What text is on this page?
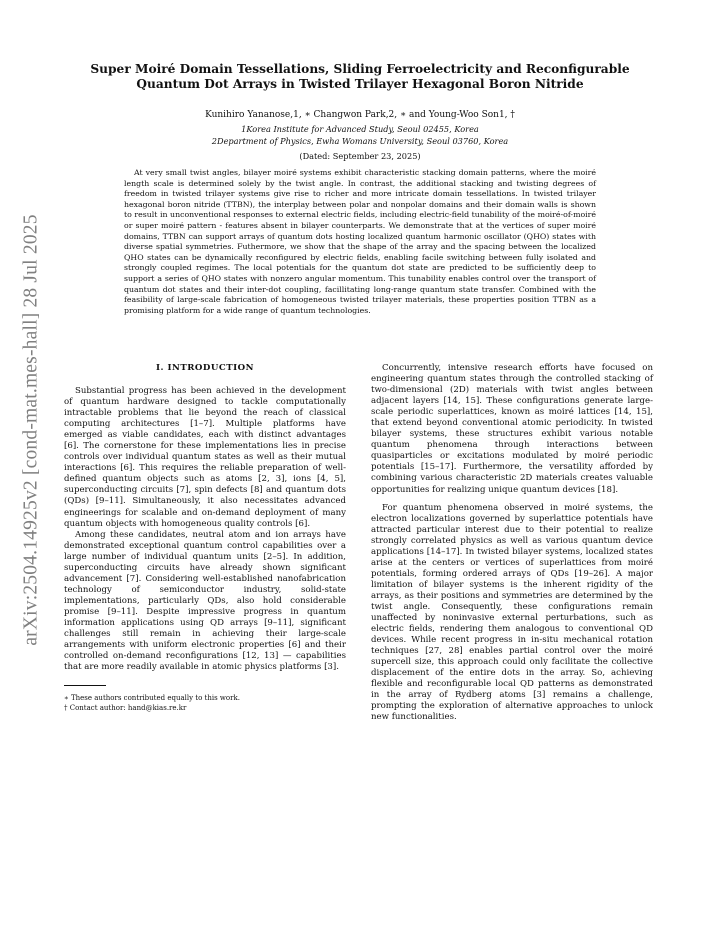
arXiv:2504.14925v2 [cond-mat.mes-hall] 28 Jul 2025
Super Moiré Domain Tessellations, Sliding Ferroelectricity and Reconfigurable Quantum Dot Arrays in Twisted Trilayer Hexagonal Boron Nitride
Kunihiro Yananose,1, ∗ Changwon Park,2, ∗ and Young-Woo Son1, †
1Korea Institute for Advanced Study, Seoul 02455, Korea
2Department of Physics, Ewha Womans University, Seoul 03760, Korea
(Dated: September 23, 2025)

At very small twist angles, bilayer moiré systems exhibit characteristic stacking domain patterns, where the moiré length scale is determined solely by the twist angle. In contrast, the additional stacking and twisting degrees of freedom in twisted trilayer systems give rise to richer and more intricate domain tessellations. In twisted trilayer hexagonal boron nitride (TTBN), the interplay between polar and nonpolar domains and their domain walls is shown to result in unconventional responses to external electric fields, including electric-field tunability of the moiré-of-moiré or super moiré pattern - features absent in bilayer counterparts. We demonstrate that at the vertices of super moiré domains, TTBN can support arrays of quantum dots hosting localized quantum harmonic oscillator (QHO) states with diverse spatial symmetries. Futhermore, we show that the shape of the array and the spacing between the localized QHO states can be dynamically reconfigured by electric fields, enabling facile switching between fully isolated and strongly coupled regimes. The local potentials for the quantum dot state are predicted to be sufficiently deep to support a series of QHO states with nonzero angular momentum. This tunability enables control over the transport of quantum dot states and their inter-dot coupling, facillitating long-range quantum state transfer. Combined with the feasibility of large-scale fabrication of homogeneous twisted trilayer materials, these properties position TTBN as a promising platform for a wide range of quantum technologies.

I. INTRODUCTION

Substantial progress has been achieved in the development of quantum hardware designed to tackle computationally intractable problems that lie beyond the reach of classical computing architectures [1–7]. Multiple platforms have emerged as viable candidates, each with distinct advantages [6]. The cornerstone for these implementations lies in precise controls over individual quantum states as well as their mutual interactions [6]. This requires the reliable preparation of well-defined quantum objects such as atoms [2, 3], ions [4, 5], superconducting circuits [7], spin defects [8] and quantum dots (QDs) [9–11]. Simultaneously, it also necessitates advanced engineerings for scalable and on-demand deployment of many quantum objects with homogeneous quality controls [6].

Among these candidates, neutral atom and ion arrays have demonstrated exceptional quantum control capabilities over a large number of individual quantum units [2–5]. In addition, superconducting circuits have already shown significant advancement [7]. Considering well-established nanofabrication technology of semiconductor industry, solid-state implementations, particularly QDs, also hold considerable promise [9–11]. Despite impressive progress in quantum information applications using QD arrays [9–11], significant challenges still remain in achieving their large-scale arrangements with uniform electronic properties [6] and their controlled on-demand reconfigurations [12, 13] — capabilities that are more readily available in atomic physics platforms [3].

∗ These authors contributed equally to this work.

† Contact author: hand@kias.re.kr

Concurrently, intensive research efforts have focused on engineering quantum states through the controlled stacking of two-dimensional (2D) materials with twist angles between adjacent layers [14, 15]. These configurations generate large-scale periodic superlattices, known as moiré lattices [14, 15], that extend beyond conventional atomic periodicity. In twisted bilayer systems, these structures exhibit various notable quantum phenomena through interactions between quasiparticles or excitations modulated by moiré periodic potentials [15–17]. Furthermore, the versatility afforded by combining various characteristic 2D materials creates valuable opportunities for realizing unique quantum devices [18].

For quantum phenomena observed in moiré systems, the electron localizations governed by superlattice potentials have attracted particular interest due to their potential to realize strongly correlated physics as well as various quantum device applications [14–17]. In twisted bilayer systems, localized states arise at the centers or vertices of superlattices from moiré potentials, forming ordered arrays of QDs [19–26]. A major limitation of bilayer systems is the inherent rigidity of the arrays, as their positions and symmetries are determined by the twist angle. Consequently, these configurations remain unaffected by noninvasive external perturbations, such as electric fields, rendering them analogous to conventional QD devices. While recent progress in in-situ mechanical rotation techniques [27, 28] enables partial control over the moiré supercell size, this approach could only facilitate the collective displacement of the entire dots in the array. So, achieving flexible and reconfigurable local QD patterns as demonstrated in the array of Rydberg atoms [3] remains a challenge, prompting the exploration of alternative approaches to unlock new functionalities.
